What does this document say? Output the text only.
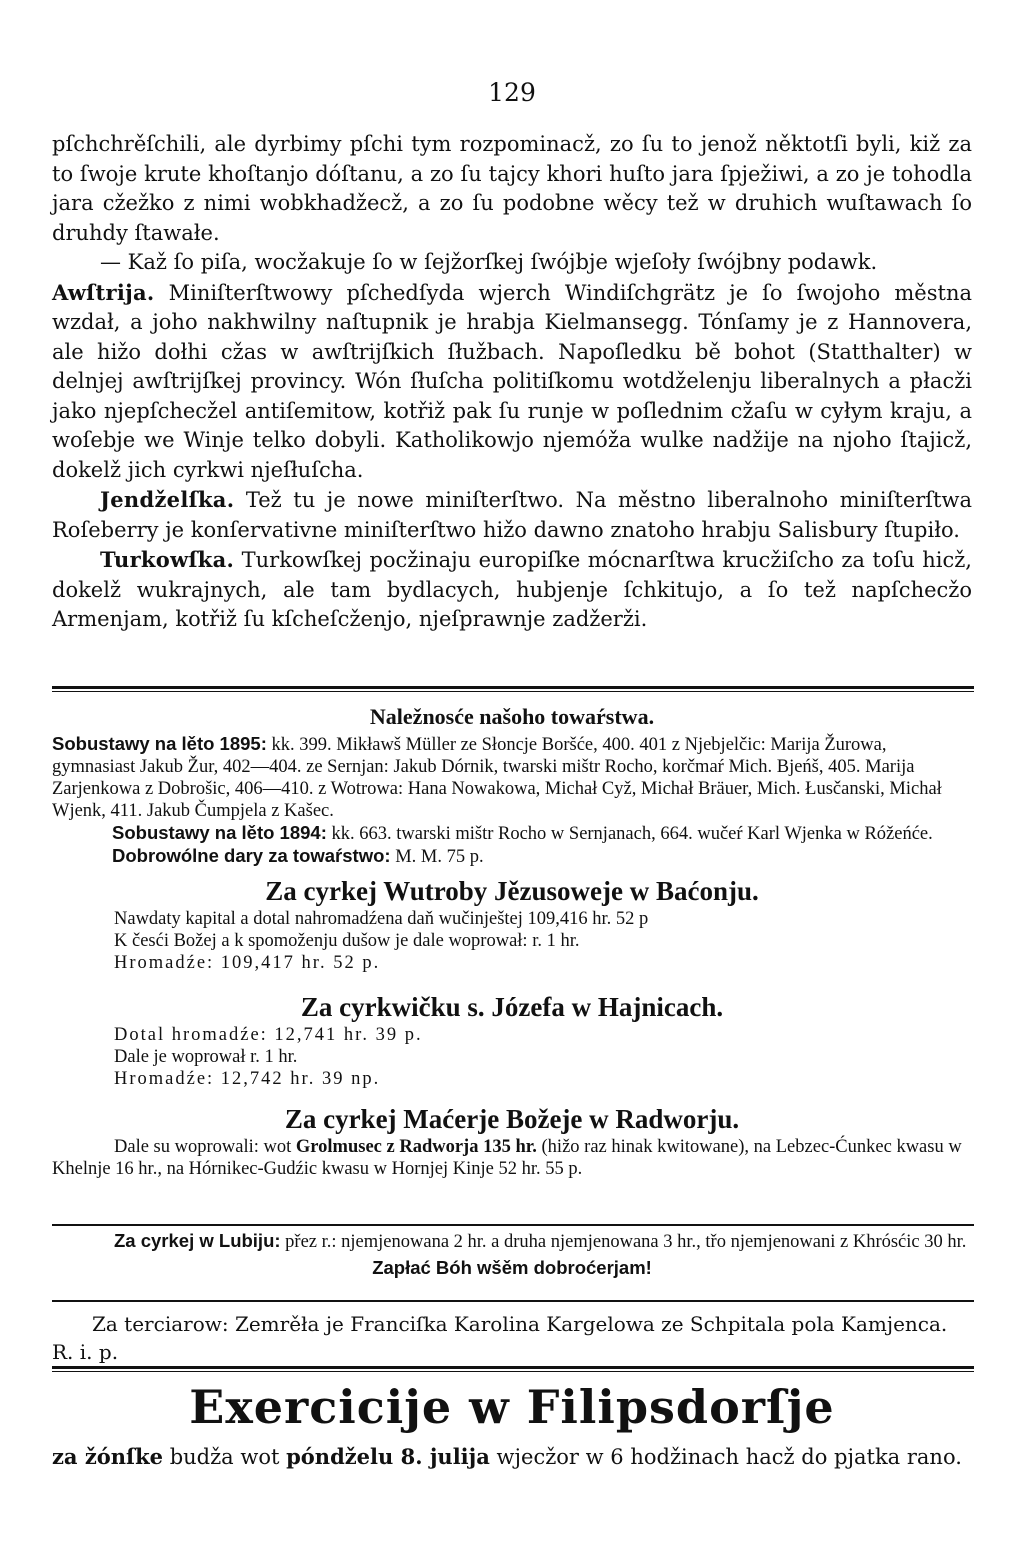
129

pſchchrěſchili, ale dyrbimy pſchi tym rozpominacž, zo ſu to jenož něktotſi byli, kiž za to ſwoje krute khoſtanjo dóſtanu, a zo ſu tajcy khori huſto jara ſpježiwi, a zo je tohodla jara cžežko z nimi wobkhadžecž, a zo ſu podobne wěcy tež w druhich wuſtawach ſo druhdy ſtawałe.

— Kaž ſo piſa, wocžakuje ſo w ſejžorſkej ſwójbje wjeſoły ſwójbny podawk.

Awſtrija. Miniſterſtwowy pſchedſyda wjerch Windiſchgrätz je ſo ſwojoho městna wzdał, a joho nakhwilny naſtupnik je hrabja Kielmansegg. Tónſamy je z Hannovera, ale hižo dołhi cžas w awſtrijſkich ſłužbach. Napoſledku bě bohot (Statthalter) w delnjej awſtrijſkej provincy. Wón ſłuſcha politiſkomu wotdželenju liberalnych a płacži jako njepſchecžel antiſemitow, kotřiž pak ſu runje w poſlednim cžaſu w cyłym kraju, a woſebje we Winje telko dobyli. Katholikowjo njemóža wulke nadžije na njoho ſtajicž, dokelž jich cyrkwi njeſłuſcha.

Jendželſka. Tež tu je nowe miniſterſtwo. Na městno liberalnoho miniſterſtwa Roſeberry je konſervativne miniſterſtwo hižo dawno znatoho hrabju Salisbury ſtupiło.

Turkowſka. Turkowſkej pocžinaju europiſke mócnarſtwa krucžiſcho za toſu hicž, dokelž wukrajnych, ale tam bydlacych, hubjenje ſchkitujo, a ſo tež napſchecžo Armenjam, kotřiž ſu kſcheſcženjo, njeſprawnje zadžerži.

Naležnosće našoho towaŕstwa.

Sobustawy na lěto 1895: kk. 399. Mikławš Müller ze Słoncje Boršće, 400. 401 z Njebjelčic: Marija Žurowa, gymnasiast Jakub Žur, 402—404. ze Sernjan: Jakub Dórnik, twarski mištr Rocho, korčmaŕ Mich. Bjeńš, 405. Marija Zarjenkowa z Dobrošic, 406—410. z Wotrowa: Hana Nowakowa, Michał Cyž, Michał Bräuer, Mich. Łusčanski, Michał Wjenk, 411. Jakub Čumpjela z Kašec.

Sobustawy na lěto 1894: kk. 663. twarski mištr Rocho w Sernjanach, 664. wučeŕ Karl Wjenka w Róžeńće.

Dobrowólne dary za towaŕstwo: M. M. 75 p.

Za cyrkej Wutroby Jězusoweje w Baćonju.

Nawdaty kapital a dotal nahromadźena daň wučinještej 109,416 hr. 52 p

K česći Božej a k spomoženju dušow je dale woprował: r. 1 hr.

Hromadźe: 109,417 hr. 52 p.

Za cyrkwičku s. Józefa w Hajnicach.

Dotal hromadźe: 12,741 hr. 39 p.

Dale je woprował r. 1 hr.

Hromadźe: 12,742 hr. 39 np.

Za cyrkej Maćerje Božeje w Radworju.

Dale su woprowali: wot Grolmusec z Radworja 135 hr. (hižo raz hinak kwitowane), na Lebzec-Ćunkec kwasu w Khelnje 16 hr., na Hórnikec-Gudźic kwasu w Hornjej Kinje 52 hr. 55 p.

Za cyrkej w Lubiju: přez r.: njemjenowana 2 hr. a druha njemjenowana 3 hr., třo njemjenowani z Khrósćic 30 hr.

Zapłać Bóh wšěm dobroćerjam!

Za terciarow: Zemrěła je Franciſka Karolina Kargelowa ze Schpitala pola Kamjenca. R. i. p.

Exercicije w Filipsdorſje

za žónſke budža wot póndželu 8. julija wjecžor w 6 hodžinach hacž do pjatka rano.
